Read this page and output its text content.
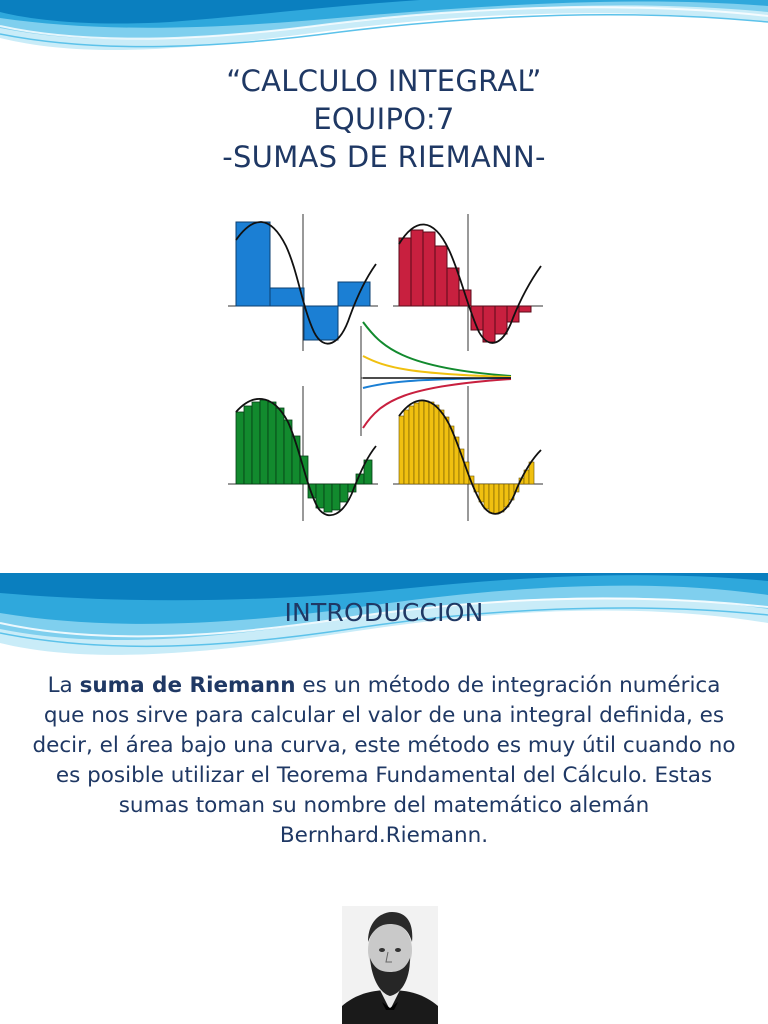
“CALCULO INTEGRAL”
EQUIPO:7
-SUMAS DE RIEMANN-
INTRODUCCION
La suma de Riemann es un método de integración numérica que nos sirve para calcular el valor de una integral definida, es decir, el área bajo una curva, este método es muy útil cuando no es posible utilizar el Teorema Fundamental del Cálculo. Estas sumas toman su nombre del matemático alemán Bernhard.Riemann.
